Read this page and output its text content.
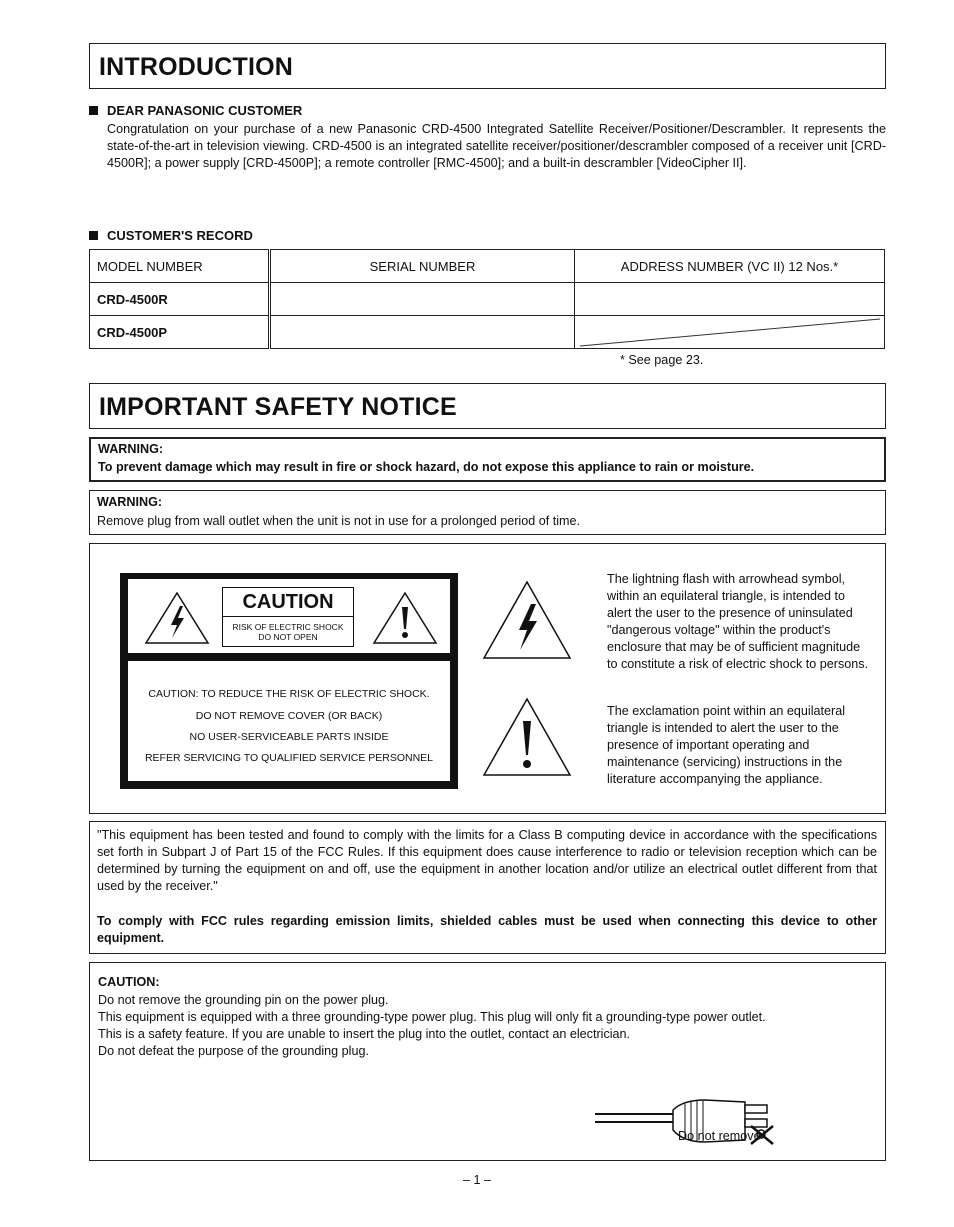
INTRODUCTION
DEAR PANASONIC CUSTOMER
Congratulation on your purchase of a new Panasonic CRD-4500 Integrated Satellite Receiver/Positioner/Descrambler. It represents the state-of-the-art in television viewing. CRD-4500 is an integrated satellite receiver/positioner/descrambler composed of a receiver unit [CRD-4500R]; a power supply [CRD-4500P]; a remote controller [RMC-4500]; and a built-in descrambler [VideoCipher II].
CUSTOMER'S RECORD
MODEL NUMBER	SERIAL NUMBER	ADDRESS NUMBER (VC II) 12 Nos.*
CRD-4500R		
CRD-4500P		
* See page 23.
IMPORTANT SAFETY NOTICE
WARNING:
To prevent damage which may result in fire or shock hazard, do not expose this appliance to rain or moisture.
WARNING:
Remove plug from wall outlet when the unit is not in use for a prolonged period of time.
CAUTION
RISK OF ELECTRIC SHOCK
DO NOT OPEN
CAUTION: TO REDUCE THE RISK OF ELECTRIC SHOCK.
DO NOT REMOVE COVER (OR BACK)
NO USER-SERVICEABLE PARTS INSIDE
REFER SERVICING TO QUALIFIED SERVICE PERSONNEL
The lightning flash with arrowhead symbol, within an equilateral triangle, is intended to alert the user to the presence of uninsulated "dangerous voltage" within the product's enclosure that may be of sufficient magnitude to constitute a risk of electric shock to persons.
The exclamation point within an equilateral triangle is intended to alert the user to the presence of important operating and maintenance (servicing) instructions in the literature accompanying the appliance.
"This equipment has been tested and found to comply with the limits for a Class B computing device in accordance with the specifications set forth in Subpart J of Part 15 of the FCC Rules. If this equipment does cause interference to radio or television reception which can be determined by turning the equipment on and off, use the equipment in another location and/or utilize an electrical outlet different from that used by the receiver."
To comply with FCC rules regarding emission limits, shielded cables must be used when connecting this device to other equipment.
CAUTION:
Do not remove the grounding pin on the power plug.
This equipment is equipped with a three grounding-type power plug. This plug will only fit a grounding-type power outlet.
This is a safety feature. If you are unable to insert the plug into the outlet, contact an electrician.
Do not defeat the purpose of the grounding plug.
Do not remove
– 1 –
